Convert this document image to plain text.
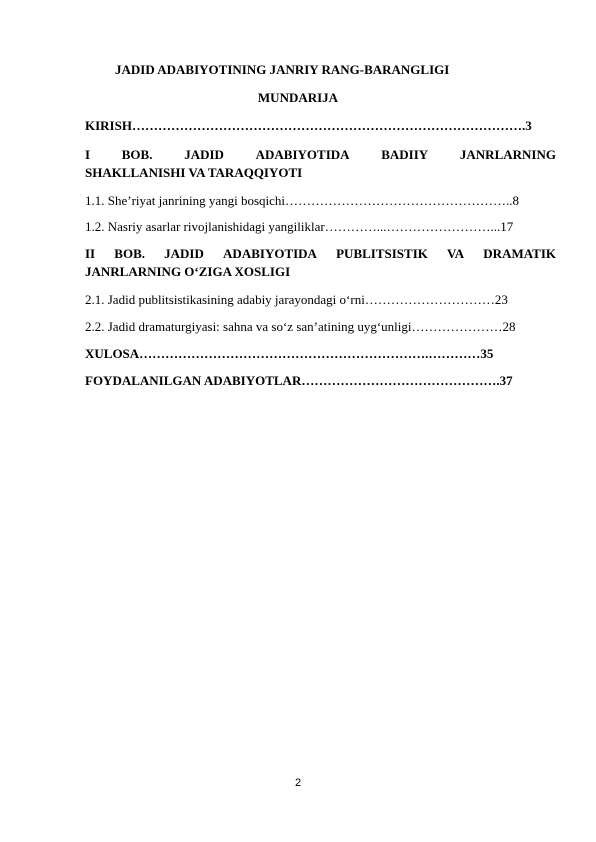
JADID ADABIYOTINING JANRIY RANG-BARANGLIGI
MUNDARIJA
KIRISH……………………………………………………………………………….3
I BOB. JADID ADABIYOTIDA BADIIY JANRLARNING
SHAKLLANISHI VA TARAQQIYOTI
1.1. She’riyat janrining yangi bosqichi……………………………………………..8
1.2. Nasriy asarlar rivojlanishidagi yangiliklar…………...……………………...17
II BOB. JADID ADABIYOTIDA PUBLITSISTIK VA DRAMATIK
JANRLARNING O‘ZIGA XOSLIGI
2.1. Jadid publitsistikasining adabiy jarayondagi o‘rni…………………………23
2.2. Jadid dramaturgiyasi: sahna va so‘z san’atining uyg‘unligi…………………28
XULOSA………………………………………………………….…………35
FOYDALANILGAN ADABIYOTLAR……………………………………….37
2
